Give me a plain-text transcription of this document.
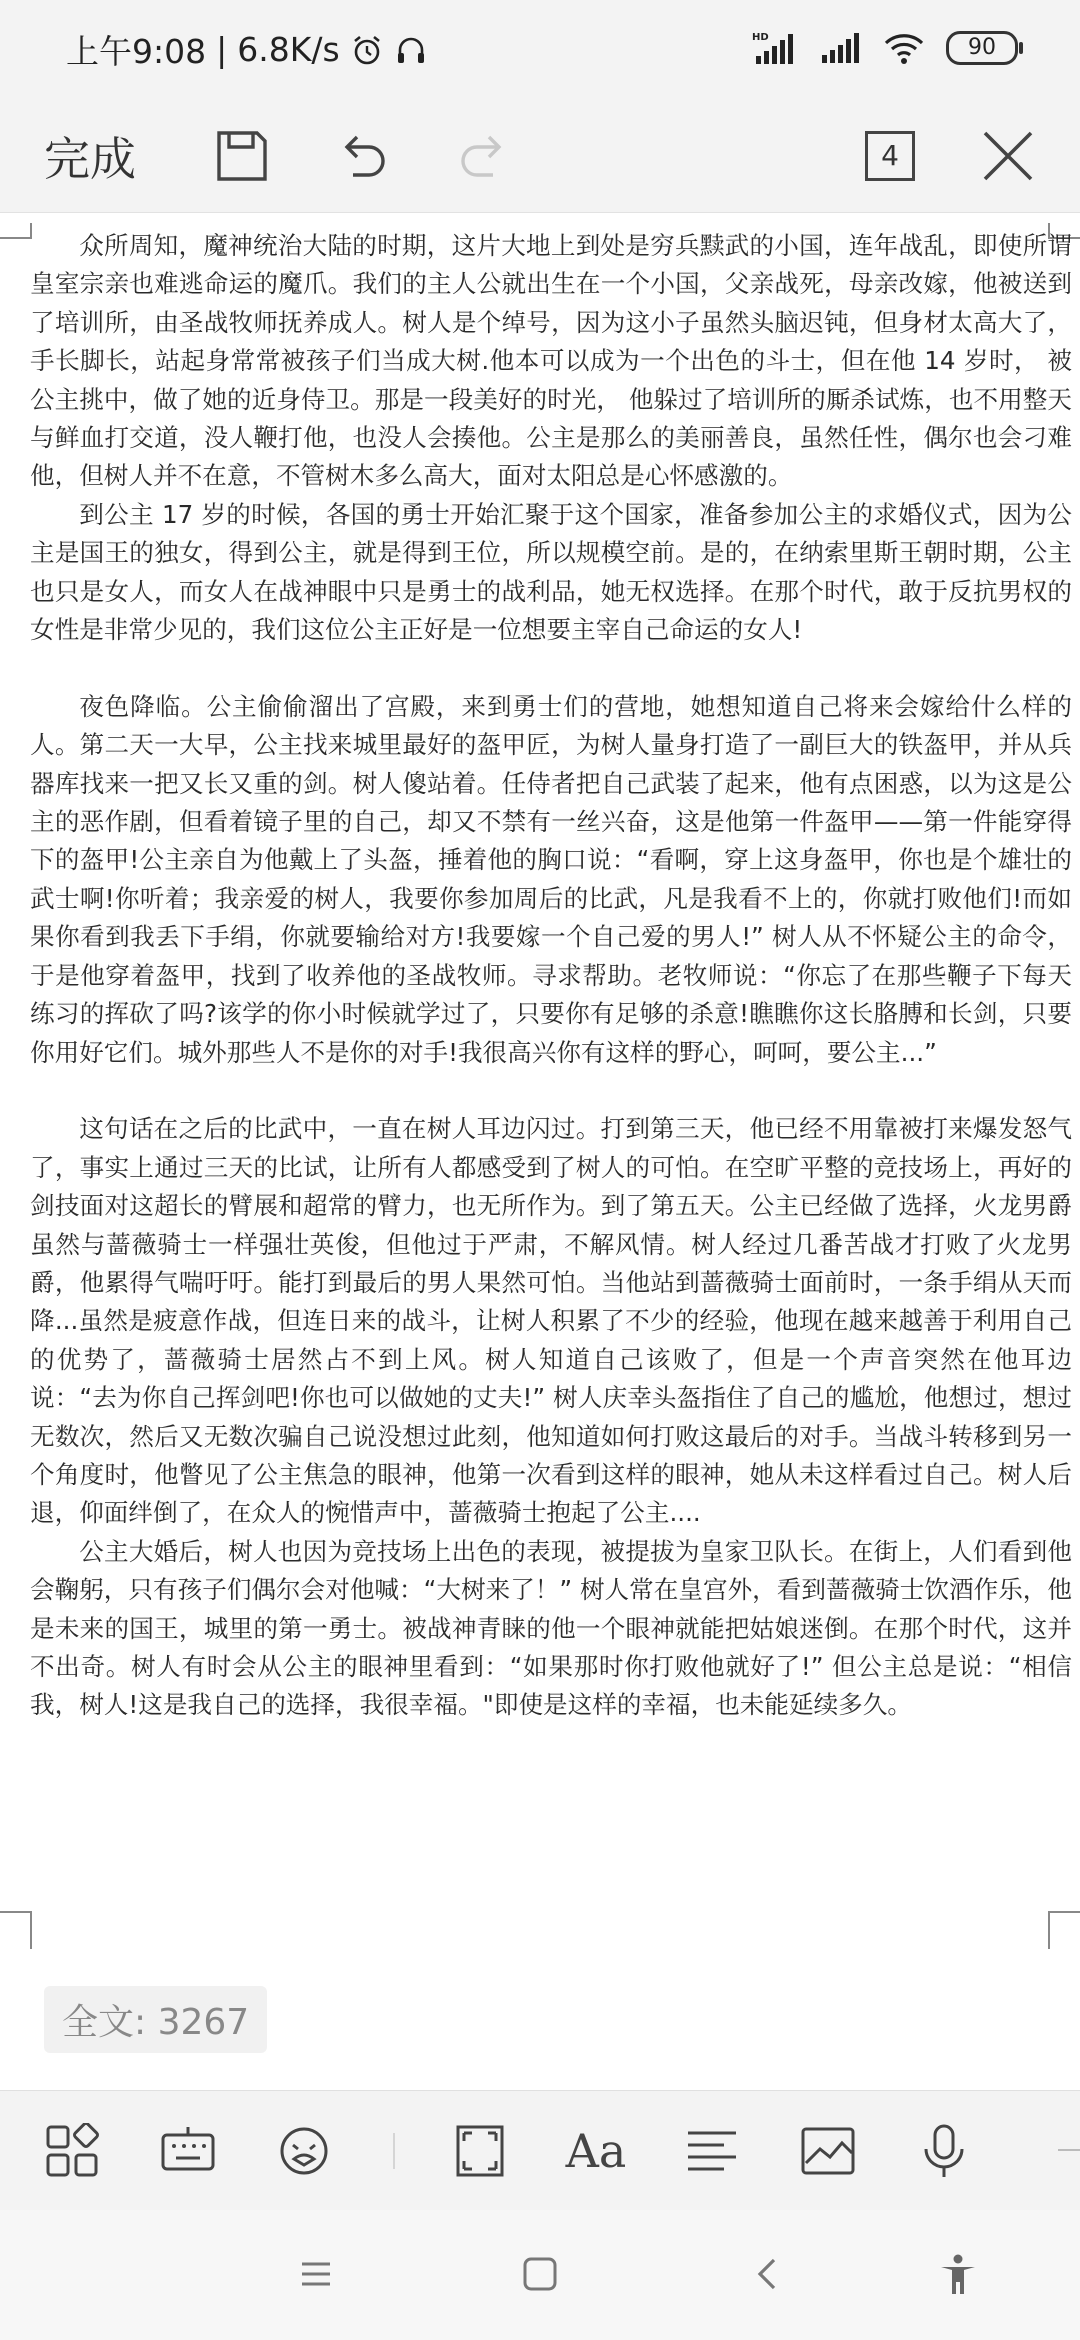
上午9:08 | 6.8K/s	HD	90
完成	4

众所周知，魔神统治大陆的时期，这片大地上到处是穷兵黩武的小国，连年战乱，即使所谓皇室宗亲也难逃命运的魔爪。我们的主人公就出生在一个小国，父亲战死，母亲改嫁，他被送到了培训所，由圣战牧师抚养成人。树人是个绰号，因为这小子虽然头脑迟钝，但身材太高大了，手长脚长，站起身常常被孩子们当成大树.他本可以成为一个出色的斗士，但在他 14 岁时， 被公主挑中，做了她的近身侍卫。那是一段美好的时光， 他躲过了培训所的厮杀试炼，也不用整天与鲜血打交道，没人鞭打他，也没人会揍他。公主是那么的美丽善良，虽然任性，偶尔也会刁难他，但树人并不在意，不管树木多么高大，面对太阳总是心怀感激的。

到公主 17 岁的时候，各国的勇士开始汇聚于这个国家，准备参加公主的求婚仪式，因为公主是国王的独女，得到公主，就是得到王位，所以规模空前。是的，在纳索里斯王朝时期，公主也只是女人，而女人在战神眼中只是勇士的战利品，她无权选择。在那个时代，敢于反抗男权的女性是非常少见的，我们这位公主正好是一位想要主宰自己命运的女人!

夜色降临。公主偷偷溜出了宫殿，来到勇士们的营地，她想知道自己将来会嫁给什么样的人。第二天一大早，公主找来城里最好的盔甲匠，为树人量身打造了一副巨大的铁盔甲，并从兵器库找来一把又长又重的剑。树人傻站着。任侍者把自己武装了起来，他有点困惑，以为这是公主的恶作剧，但看着镜子里的自己，却又不禁有一丝兴奋，这是他第一件盔甲——第一件能穿得下的盔甲!公主亲自为他戴上了头盔，捶着他的胸口说：“看啊，穿上这身盔甲，你也是个雄壮的武士啊!你听着；我亲爱的树人，我要你参加周后的比武，凡是我看不上的，你就打败他们!而如果你看到我丢下手绢，你就要输给对方!我要嫁一个自己爱的男人!” 树人从不怀疑公主的命令，于是他穿着盔甲，找到了收养他的圣战牧师。寻求帮助。老牧师说：“你忘了在那些鞭子下每天练习的挥砍了吗?该学的你小时候就学过了，只要你有足够的杀意!瞧瞧你这长胳膊和长剑，只要你用好它们。城外那些人不是你的对手!我很高兴你有这样的野心，呵呵，要公主...”

这句话在之后的比武中，一直在树人耳边闪过。打到第三天，他已经不用靠被打来爆发怒气了，事实上通过三天的比试，让所有人都感受到了树人的可怕。在空旷平整的竞技场上，再好的剑技面对这超长的臂展和超常的臂力，也无所作为。到了第五天。公主已经做了选择，火龙男爵虽然与蔷薇骑士一样强壮英俊，但他过于严肃，不解风情。树人经过几番苦战才打败了火龙男爵，他累得气喘吁吁。能打到最后的男人果然可怕。当他站到蔷薇骑士面前时，一条手绢从天而降...虽然是疲意作战，但连日来的战斗，让树人积累了不少的经验，他现在越来越善于利用自己的优势了，蔷薇骑士居然占不到上风。树人知道自己该败了，但是一个声音突然在他耳边说：“去为你自己挥剑吧!你也可以做她的丈夫!” 树人庆幸头盔指住了自己的尴尬，他想过，想过无数次，然后又无数次骗自己说没想过此刻，他知道如何打败这最后的对手。当战斗转移到另一个角度时，他瞥见了公主焦急的眼神，他第一次看到这样的眼神，她从未这样看过自己。树人后退，仰面绊倒了，在众人的惋惜声中，蔷薇骑士抱起了公主....

公主大婚后，树人也因为竞技场上出色的表现，被提拔为皇家卫队长。在街上，人们看到他会鞠躬，只有孩子们偶尔会对他喊：“大树来了！” 树人常在皇宫外，看到蔷薇骑士饮酒作乐，他是未来的国王，城里的第一勇士。被战神青睐的他一个眼神就能把姑娘迷倒。在那个时代，这并不出奇。树人有时会从公主的眼神里看到：“如果那时你打败他就好了!” 但公主总是说：“相信我，树人!这是我自己的选择，我很幸福。"即使是这样的幸福，也未能延续多久。

全文: 3267
Aa
